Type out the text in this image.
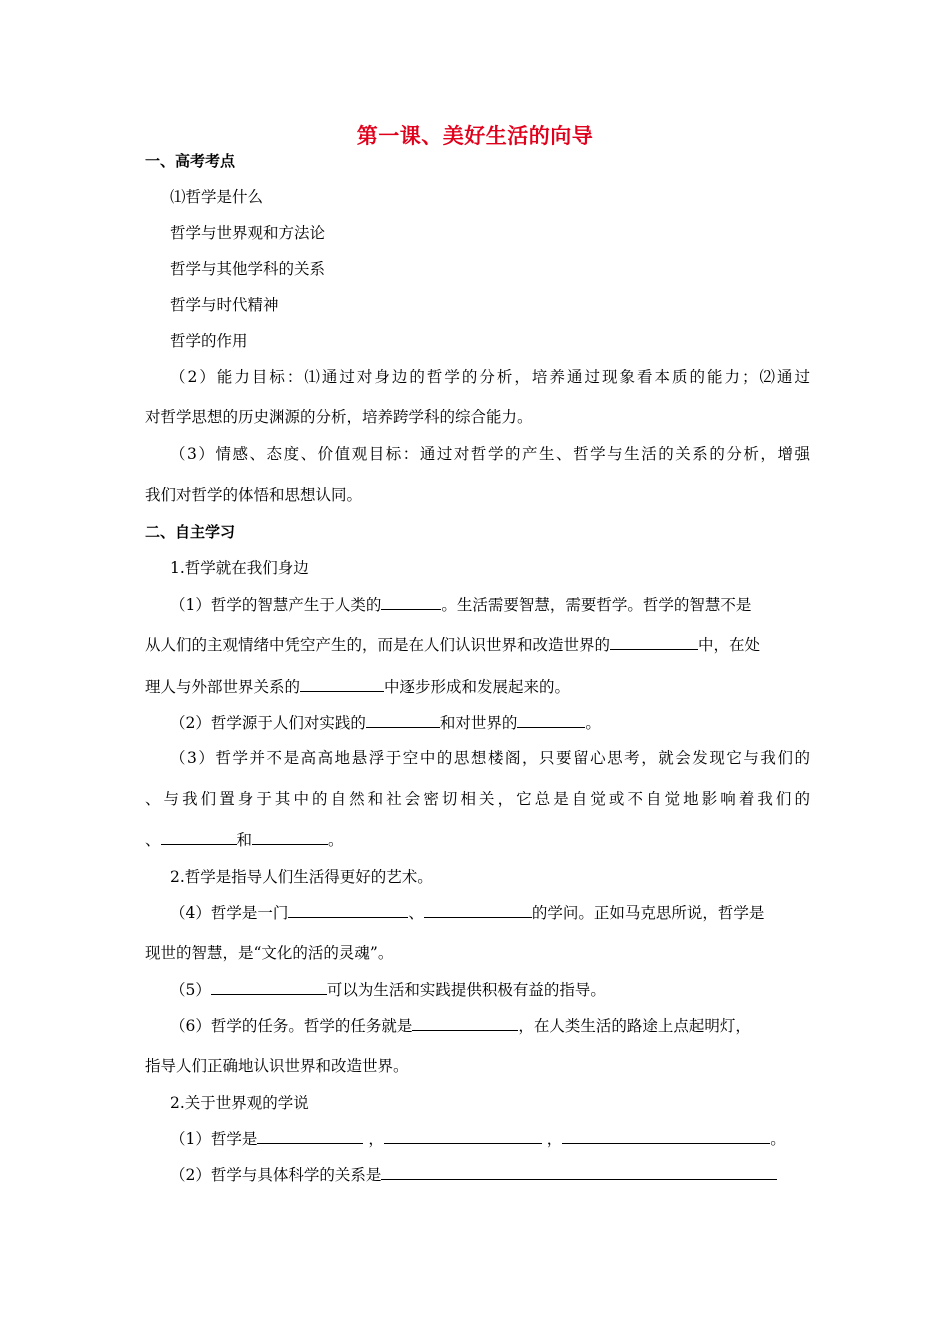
第一课、美好生活的向导
一、高考考点
⑴哲学是什么
哲学与世界观和方法论
哲学与其他学科的关系
哲学与时代精神
哲学的作用
（2）能力目标：⑴通过对身边的哲学的分析，培养通过现象看本质的能力；⑵通过
对哲学思想的历史渊源的分析，培养跨学科的综合能力。
（3）情感、态度、价值观目标：通过对哲学的产生、哲学与生活的关系的分析，增强
我们对哲学的体悟和思想认同。
二、自主学习
1.哲学就在我们身边
（1）哲学的智慧产生于人类的	。生活需要智慧，需要哲学。哲学的智慧不是
从人们的主观情绪中凭空产生的，而是在人们认识世界和改造世界的	中，在处
理人与外部世界关系的	中逐步形成和发展起来的。
（2）哲学源于人们对实践的	和对世界的	。
（3）哲学并不是高高地悬浮于空中的思想楼阁，只要留心思考，就会发现它与我们的
、与我们置身于其中的自然和社会密切相关，它总是自觉或不自觉地影响着我们的
、	和	。
2.哲学是指导人们生活得更好的艺术。
（4）哲学是一门	、	的学问。正如马克思所说，哲学是
现世的智慧，是“文化的活的灵魂”。
（5）	可以为生活和实践提供积极有益的指导。
（6）哲学的任务。哲学的任务就是	，在人类生活的路途上点起明灯，
指导人们正确地认识世界和改造世界。
2.关于世界观的学说
（1）哲学是	，	，	。
（2）哲学与具体科学的关系是
